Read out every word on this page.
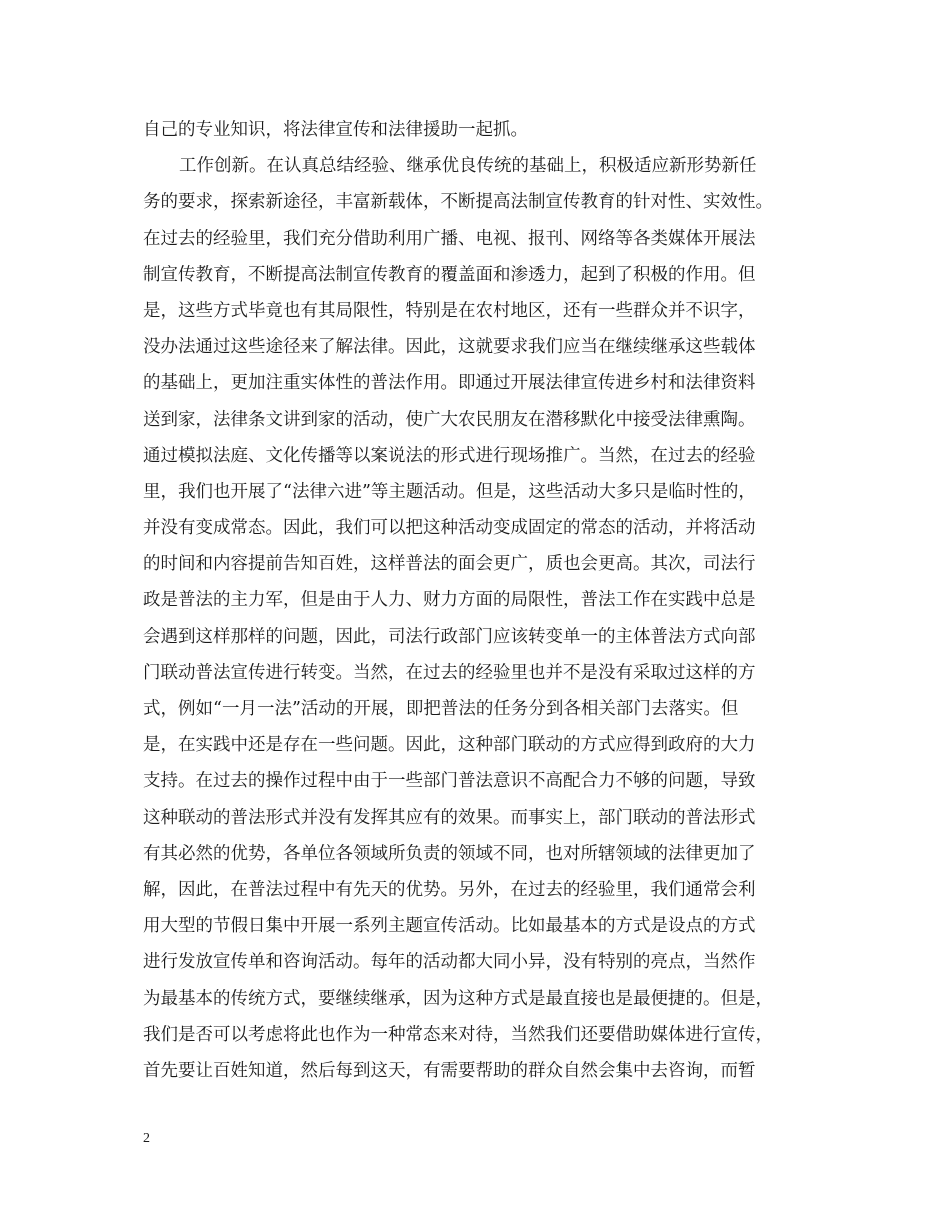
自己的专业知识，将法律宣传和法律援助一起抓。
工作创新。在认真总结经验、继承优良传统的基础上，积极适应新形势新任
务的要求，探索新途径，丰富新载体，不断提高法制宣传教育的针对性、实效性。
在过去的经验里，我们充分借助利用广播、电视、报刊、网络等各类媒体开展法
制宣传教育，不断提高法制宣传教育的覆盖面和渗透力，起到了积极的作用。但
是，这些方式毕竟也有其局限性，特别是在农村地区，还有一些群众并不识字，
没办法通过这些途径来了解法律。因此，这就要求我们应当在继续继承这些载体
的基础上，更加注重实体性的普法作用。即通过开展法律宣传进乡村和法律资料
送到家，法律条文讲到家的活动，使广大农民朋友在潜移默化中接受法律熏陶。
通过模拟法庭、文化传播等以案说法的形式进行现场推广。当然，在过去的经验
里，我们也开展了“法律六进”等主题活动。但是，这些活动大多只是临时性的，
并没有变成常态。因此，我们可以把这种活动变成固定的常态的活动，并将活动
的时间和内容提前告知百姓，这样普法的面会更广，质也会更高。其次，司法行
政是普法的主力军，但是由于人力、财力方面的局限性，普法工作在实践中总是
会遇到这样那样的问题，因此，司法行政部门应该转变单一的主体普法方式向部
门联动普法宣传进行转变。当然，在过去的经验里也并不是没有采取过这样的方
式，例如“一月一法”活动的开展，即把普法的任务分到各相关部门去落实。但
是，在实践中还是存在一些问题。因此，这种部门联动的方式应得到政府的大力
支持。在过去的操作过程中由于一些部门普法意识不高配合力不够的问题，导致
这种联动的普法形式并没有发挥其应有的效果。而事实上，部门联动的普法形式
有其必然的优势，各单位各领域所负责的领域不同，也对所辖领域的法律更加了
解，因此，在普法过程中有先天的优势。另外，在过去的经验里，我们通常会利
用大型的节假日集中开展一系列主题宣传活动。比如最基本的方式是设点的方式
进行发放宣传单和咨询活动。每年的活动都大同小异，没有特别的亮点，当然作
为最基本的传统方式，要继续继承，因为这种方式是最直接也是最便捷的。但是，
我们是否可以考虑将此也作为一种常态来对待，当然我们还要借助媒体进行宣传，
首先要让百姓知道，然后每到这天，有需要帮助的群众自然会集中去咨询，而暂
2
